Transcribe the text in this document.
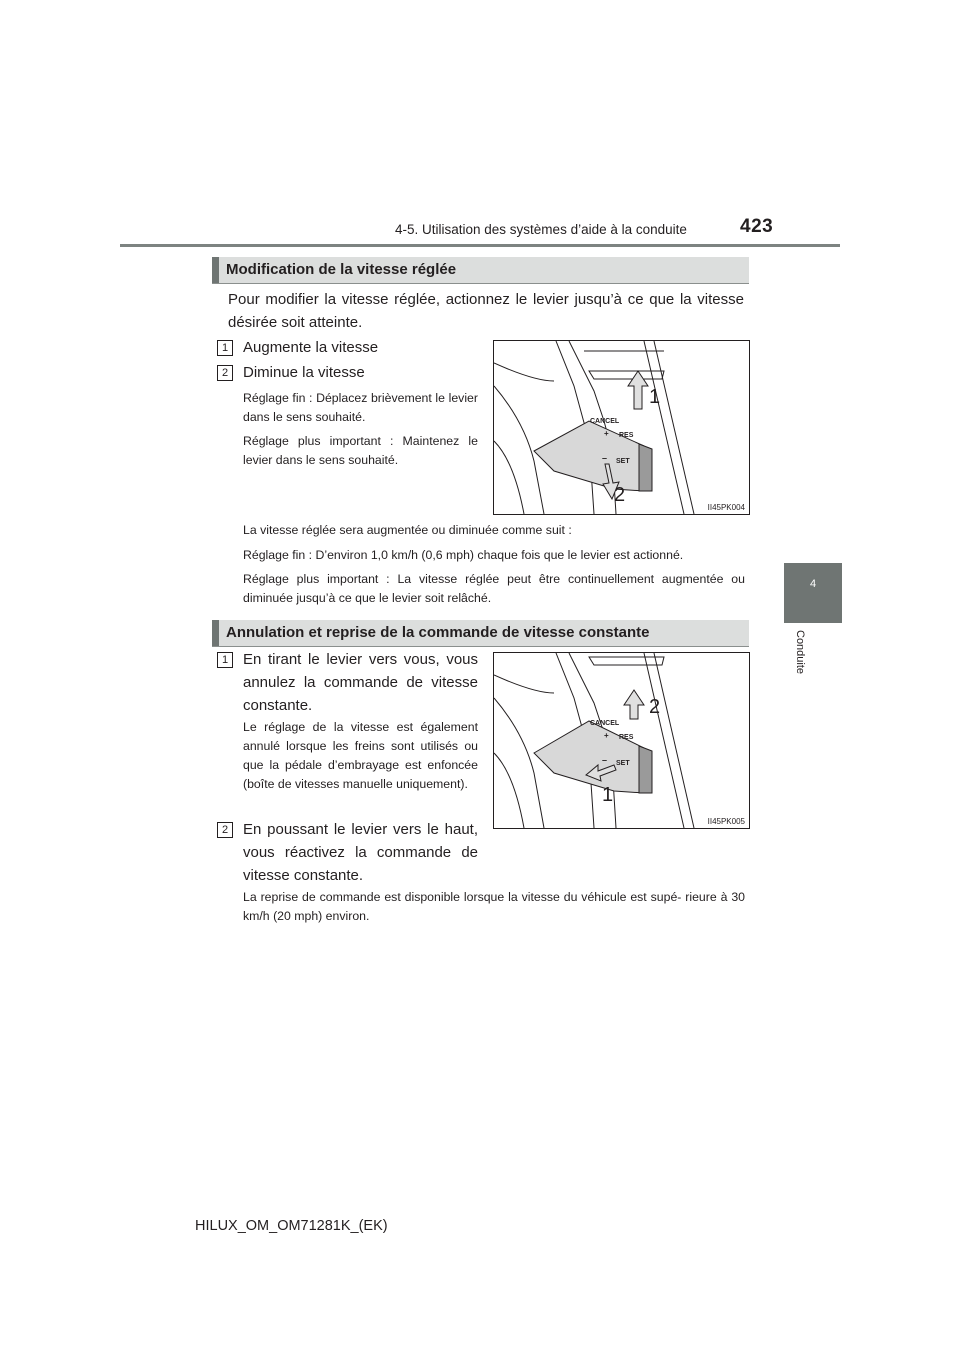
4-5. Utilisation des systèmes d’aide à la conduite	423
4
Conduite
Modification de la vitesse réglée
Pour modifier la vitesse réglée, actionnez le levier jusqu’à ce que la vitesse désirée soit atteinte.
1 Augmente la vitesse
2 Diminue la vitesse
Réglage fin : Déplacez brièvement le levier dans le sens souhaité.
Réglage plus important : Maintenez le levier dans le sens souhaité.
CANCEL
+ RES
– SET
1
2
II45PK004
La vitesse réglée sera augmentée ou diminuée comme suit :
Réglage fin : D’environ 1,0 km/h (0,6 mph) chaque fois que le levier est actionné.
Réglage plus important : La vitesse réglée peut être continuellement augmentée ou diminuée jusqu’à ce que le levier soit relâché.
Annulation et reprise de la commande de vitesse constante
1 En tirant le levier vers vous, vous annulez la commande de vitesse constante.
Le réglage de la vitesse est également annulé lorsque les freins sont utilisés ou que la pédale d’embrayage est enfoncée (boîte de vitesses manuelle uniquement).
2 En poussant le levier vers le haut, vous réactivez la commande de vitesse constante.
La reprise de commande est disponible lorsque la vitesse du véhicule est supé- rieure à 30 km/h (20 mph) environ.
CANCEL
+ RES
– SET
2
1
II45PK005
HILUX_OM_OM71281K_(EK)
